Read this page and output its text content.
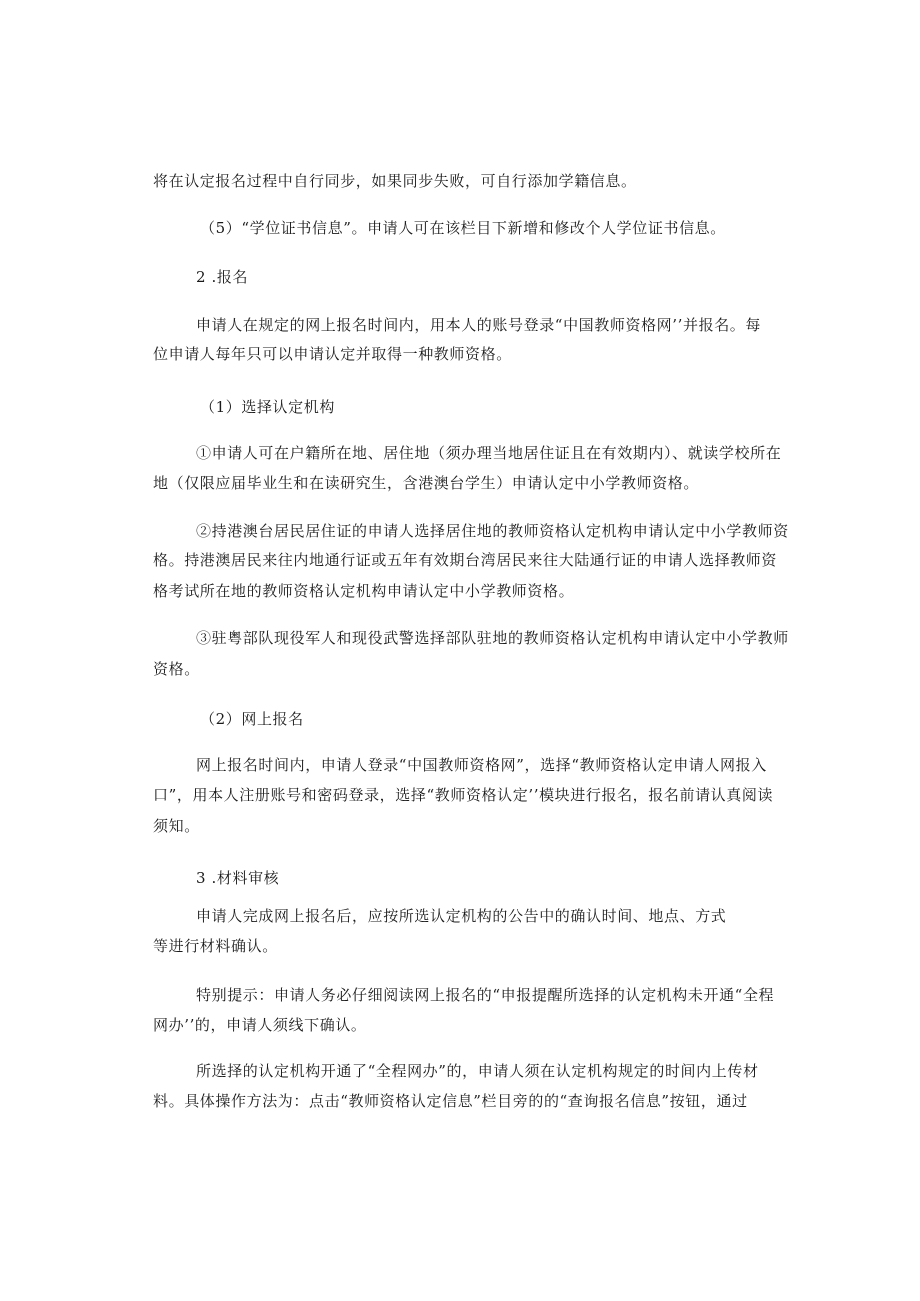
将在认定报名过程中自行同步，如果同步失败，可自行添加学籍信息。
（5）“学位证书信息”。申请人可在该栏目下新增和修改个人学位证书信息。
2 .报名
申请人在规定的网上报名时间内，用本人的账号登录“中国教师资格网’’并报名。每
位申请人每年只可以申请认定并取得一种教师资格。
（1）选择认定机构
①申请人可在户籍所在地、居住地（须办理当地居住证且在有效期内）、就读学校所在
地（仅限应届毕业生和在读研究生，含港澳台学生）申请认定中小学教师资格。
②持港澳台居民居住证的申请人选择居住地的教师资格认定机构申请认定中小学教师资
格。持港澳居民来往内地通行证或五年有效期台湾居民来往大陆通行证的申请人选择教师资
格考试所在地的教师资格认定机构申请认定中小学教师资格。
③驻粤部队现役军人和现役武警选择部队驻地的教师资格认定机构申请认定中小学教师
资格。
（2）网上报名
网上报名时间内，申请人登录“中国教师资格网”，选择“教师资格认定申请人网报入
口”，用本人注册账号和密码登录，选择“教师资格认定’’模块进行报名，报名前请认真阅读
须知。
3 .材料审核
申请人完成网上报名后，应按所选认定机构的公告中的确认时间、地点、方式
等进行材料确认。
特别提示：申请人务必仔细阅读网上报名的“申报提醒所选择的认定机构未开通“全程
网办’’的，申请人须线下确认。
所选择的认定机构开通了“全程网办”的，申请人须在认定机构规定的时间内上传材
料。具体操作方法为：点击“教师资格认定信息”栏目旁的的“查询报名信息”按钮，通过
